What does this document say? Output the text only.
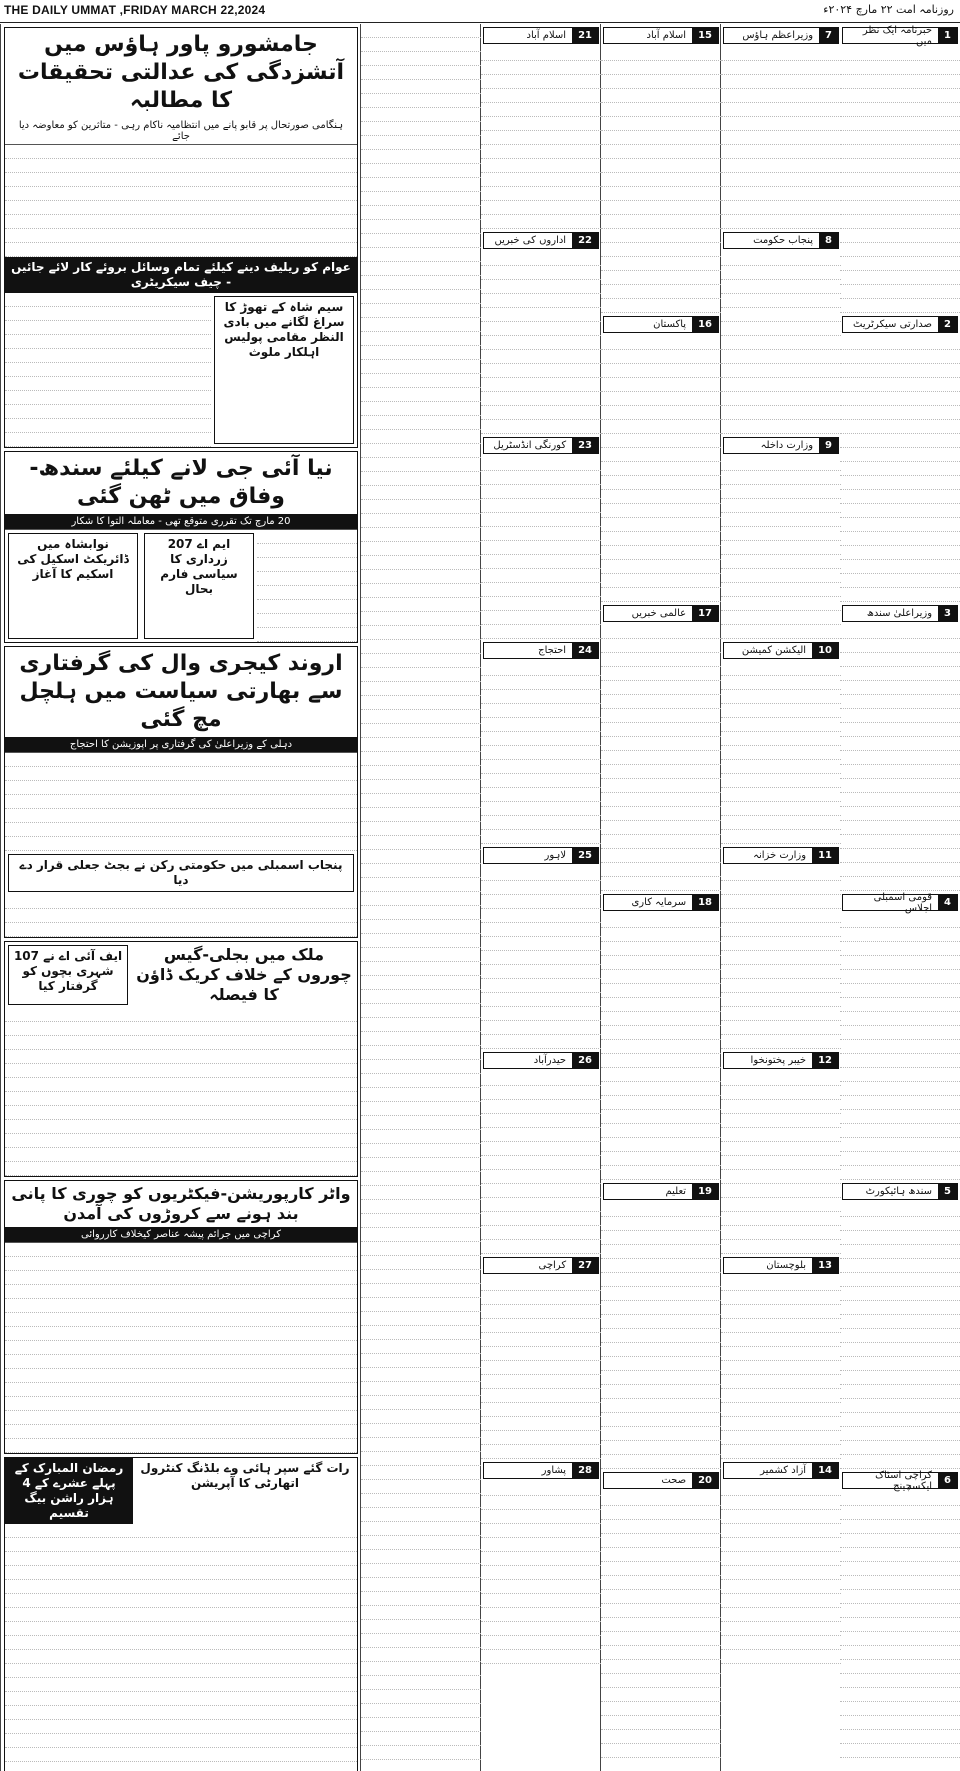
THE DAILY UMMAT ,FRIDAY MARCH 22,2024	روزنامہ امت ۲۲ مارچ ۲۰۲۴ء
1
خبرنامہ ایک نظر میں
2
صدارتی سیکرٹریٹ
3
وزیراعلیٰ سندھ
4
قومی اسمبلی اجلاس
5
سندھ ہائیکورٹ
6
کراچی اسٹاک ایکسچینج
7
وزیراعظم ہاؤس
8
پنجاب حکومت
9
وزارت داخلہ
10
الیکشن کمیشن
11
وزارت خزانہ
12
خیبر پختونخوا
13
بلوچستان
14
آزاد کشمیر
15
اسلام آباد
16
پاکستان
17
عالمی خبریں
18
سرمایہ کاری
19
تعلیم
20
صحت
21
اسلام آباد
22
اداروں کی خبریں
23
کورنگی انڈسٹریل
24
احتجاج
25
لاہور
26
حیدرآباد
27
کراچی
28
پشاور
جامشورو پاور ہاؤس میں آتشزدگی کی عدالتی تحقیقات کا مطالبہ
ہنگامی صورتحال پر قابو پانے میں انتظامیہ ناکام رہی - متاثرین کو معاوضہ دیا جائے
عوام کو ریلیف دینے کیلئے تمام وسائل بروئے کار لائے جائیں - چیف سیکریٹری
سیم شاہ کے تھوڑ کا سراغ لگانے میں بادی النظر مقامی پولیس اہلکار ملوث
نیا آئی جی لانے کیلئے سندھ-وفاق میں ٹھن گئی
20 مارچ تک تقرری متوقع تھی - معاملہ التوا کا شکار
نوابشاہ میں ڈائریکٹ اسکیل کی اسکیم کا آغاز
ایم اے 207 زرداری کا سیاسی فارم بحال
اروند کیجری وال کی گرفتاری سے بھارتی سیاست میں ہلچل مچ گئی
دہلی کے وزیراعلیٰ کی گرفتاری پر اپوزیشن کا احتجاج
پنجاب اسمبلی میں حکومتی رکن نے بجٹ جعلی قرار دے دیا
ایف آئی اے نے 107 شہری بچوں کو گرفتار کیا
ملک میں بجلی-گیس چوروں کے خلاف کریک ڈاؤن کا فیصلہ
واٹر کارپوریشن-فیکٹریوں کو چوری کا پانی بند ہونے سے کروڑوں کی آمدن
کراچی میں جرائم پیشہ عناصر کیخلاف کارروائی
رمضان المبارک کے پہلے عشرے کے 4 ہزار راشن بیگ تقسیم
رات گئے سپر ہائی وے بلڈنگ کنٹرول اتھارٹی کا آپریشن
